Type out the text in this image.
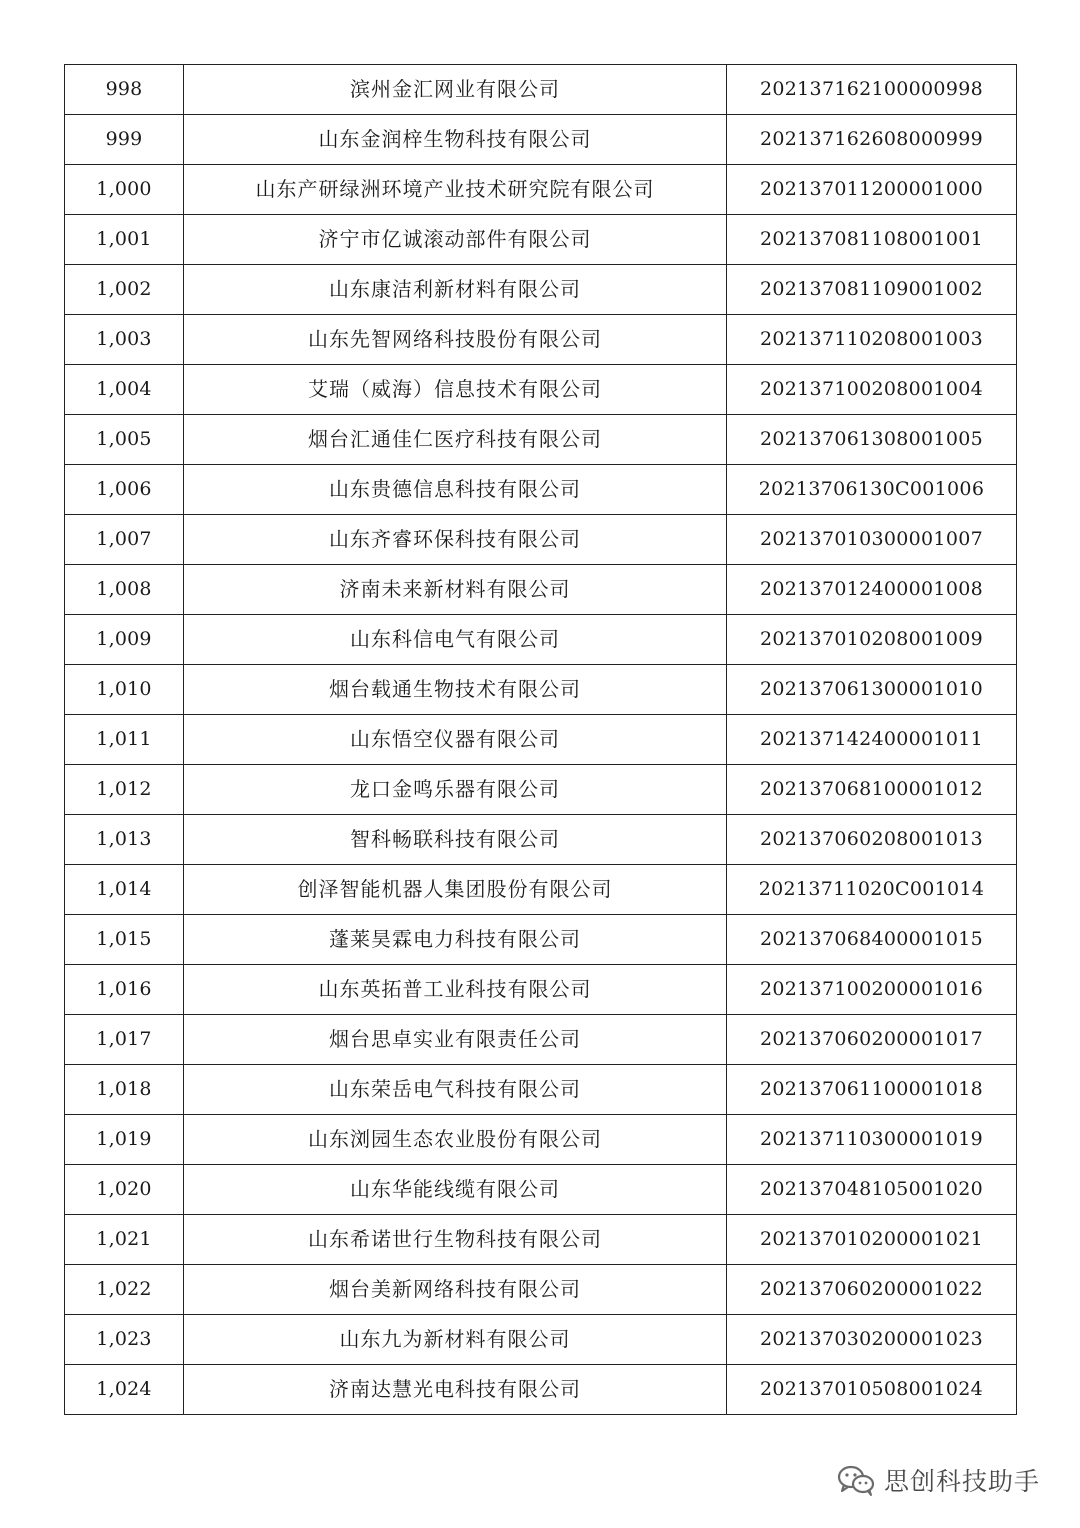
998	滨州金汇网业有限公司	202137162100000998
999	山东金润梓生物科技有限公司	202137162608000999
1,000	山东产研绿洲环境产业技术研究院有限公司	202137011200001000
1,001	济宁市亿诚滚动部件有限公司	202137081108001001
1,002	山东康洁利新材料有限公司	202137081109001002
1,003	山东先智网络科技股份有限公司	202137110208001003
1,004	艾瑞（威海）信息技术有限公司	202137100208001004
1,005	烟台汇通佳仁医疗科技有限公司	202137061308001005
1,006	山东贵德信息科技有限公司	20213706130C001006
1,007	山东齐睿环保科技有限公司	202137010300001007
1,008	济南未来新材料有限公司	202137012400001008
1,009	山东科信电气有限公司	202137010208001009
1,010	烟台载通生物技术有限公司	202137061300001010
1,011	山东悟空仪器有限公司	202137142400001011
1,012	龙口金鸣乐器有限公司	202137068100001012
1,013	智科畅联科技有限公司	202137060208001013
1,014	创泽智能机器人集团股份有限公司	20213711020C001014
1,015	蓬莱昊霖电力科技有限公司	202137068400001015
1,016	山东英拓普工业科技有限公司	202137100200001016
1,017	烟台思卓实业有限责任公司	202137060200001017
1,018	山东荣岳电气科技有限公司	202137061100001018
1,019	山东浏园生态农业股份有限公司	202137110300001019
1,020	山东华能线缆有限公司	202137048105001020
1,021	山东希诺世行生物科技有限公司	202137010200001021
1,022	烟台美新网络科技有限公司	202137060200001022
1,023	山东九为新材料有限公司	202137030200001023
1,024	济南达慧光电科技有限公司	202137010508001024
思创科技助手
